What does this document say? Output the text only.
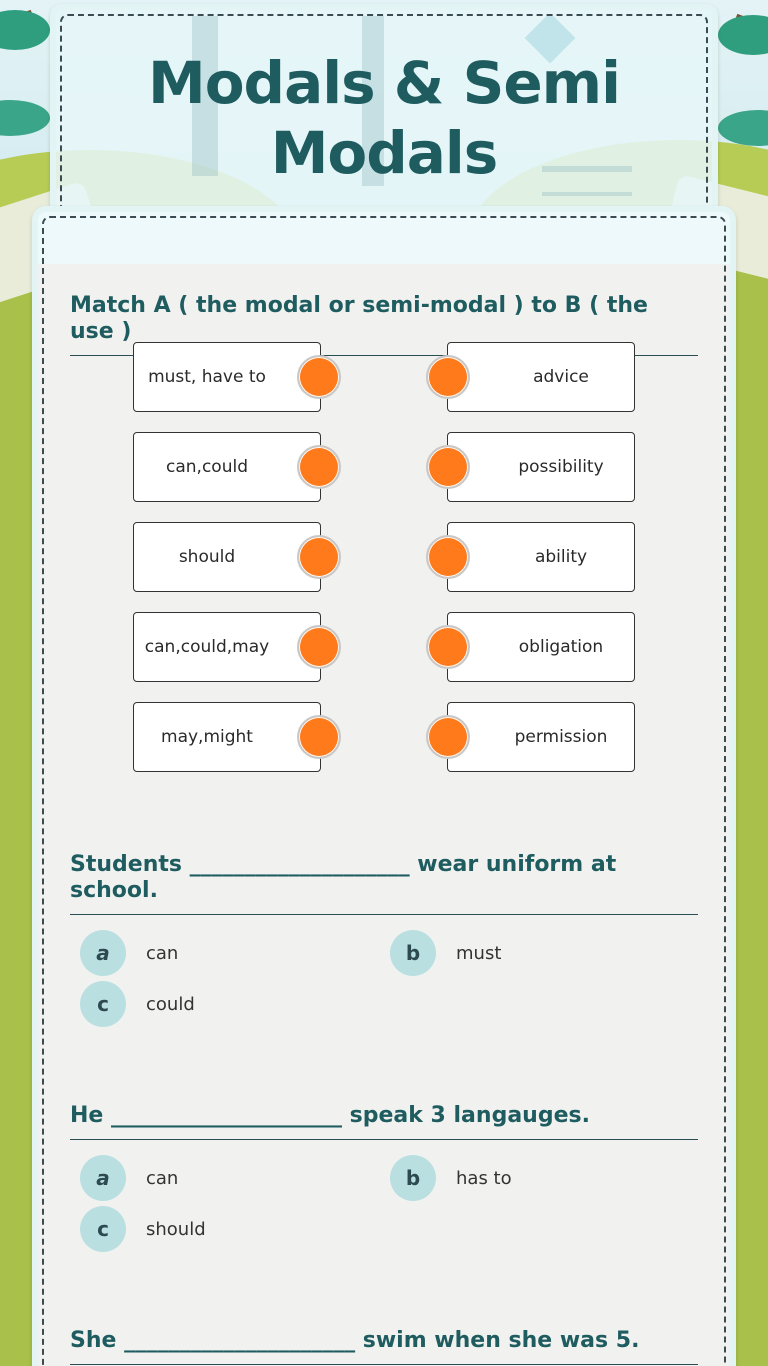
Modals & Semi Modals
Match A ( the modal or semi-modal ) to B ( the use )
must, have to
can,could
should
can,could,may
may,might
advice
possibility
ability
obligation
permission
Students ____________________ wear uniform at school.
a	can	b	must
c	could
He _____________________ speak 3 langauges.
a	can	b	has to
c	should
She _____________________ swim when she was 5.
